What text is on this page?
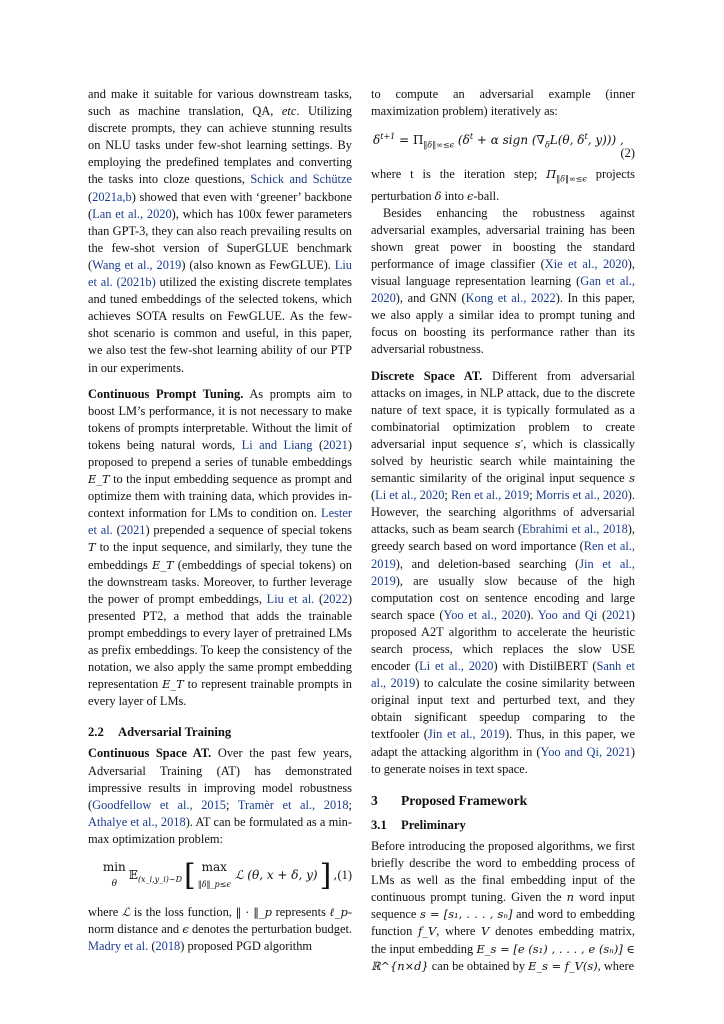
and make it suitable for various downstream tasks, such as machine translation, QA, etc. Utilizing discrete prompts, they can achieve stunning results on NLU tasks under few-shot learning settings. By employing the predefined templates and converting the tasks into cloze questions, Schick and Schütze (2021a,b) showed that even with ‘greener’ backbone (Lan et al., 2020), which has 100x fewer parameters than GPT-3, they can also reach prevailing results on the few-shot version of SuperGLUE benchmark (Wang et al., 2019) (also known as FewGLUE). Liu et al. (2021b) utilized the existing discrete templates and tuned embeddings of the selected tokens, which achieves SOTA results on FewGLUE. As the few-shot scenario is common and useful, in this paper, we also test the few-shot learning ability of our PTP in our experiments.

Continuous Prompt Tuning. As prompts aim to boost LM’s performance, it is not necessary to make tokens of prompts interpretable. Without the limit of tokens being natural words, Li and Liang (2021) proposed to prepend a series of tunable embeddings E_T to the input embedding sequence as prompt and optimize them with training data, which provides in-context information for LMs to condition on. Lester et al. (2021) prepended a sequence of special tokens T to the input sequence, and similarly, they tune the embeddings E_T (embeddings of special tokens) on the downstream tasks. Moreover, to further leverage the power of prompt embeddings, Liu et al. (2022) presented PT2, a method that adds the trainable prompt embeddings to every layer of pretrained LMs as prefix embeddings. To keep the consistency of the notation, we also apply the same prompt embedding representation E_T to represent trainable prompts in every layer of LMs.

2.2 Adversarial Training

Continuous Space AT. Over the past few years, Adversarial Training (AT) has demonstrated impressive results in improving model robustness (Goodfellow et al., 2015; Tramèr et al., 2018; Athalye et al., 2018). AT can be formulated as a min-max optimization problem:

min
θ
𝔼$_{(x\_i,y\_i)\sim D}$ [ max
‖δ‖_p≤ϵ
ℒ (θ, x + δ, y) ] , (1)

where ℒ is the loss function, ‖ · ‖_p represents ℓ_p-norm distance and ϵ denotes the perturbation budget. Madry et al. (2018) proposed PGD algorithm

to compute an adversarial example (inner maximization problem) iteratively as:

$\delta^{t+1} = \Pi_{‖\delta‖\infty\le\epsilon}$ ($\delta^t + \alpha$ sign ($\nabla_\delta L(\theta$, $\delta^t$, y))) ,
(2)

where t is the iteration step; $\Pi_{‖\delta‖\infty\le\epsilon}$ projects perturbation δ into ϵ-ball.

Besides enhancing the robustness against adversarial examples, adversarial training has been shown great power in boosting the standard performance of image classifier (Xie et al., 2020), visual language representation learning (Gan et al., 2020), and GNN (Kong et al., 2022). In this paper, we also apply a similar idea to prompt tuning and focus on boosting its performance rather than its adversarial robustness.

Discrete Space AT. Different from adversarial attacks on images, in NLP attack, due to the discrete nature of text space, it is typically formulated as a combinatorial optimization problem to create adversarial input sequence s′, which is classically solved by heuristic search while maintaining the semantic similarity of the original input sequence s (Li et al., 2020; Ren et al., 2019; Morris et al., 2020). However, the searching algorithms of adversarial attacks, such as beam search (Ebrahimi et al., 2018), greedy search based on word importance (Ren et al., 2019), and deletion-based searching (Jin et al., 2019), are usually slow because of the high computation cost on sentence encoding and large search space (Yoo et al., 2020). Yoo and Qi (2021) proposed A2T algorithm to accelerate the heuristic search process, which replaces the slow USE encoder (Li et al., 2020) with DistilBERT (Sanh et al., 2019) to calculate the cosine similarity between original input text and perturbed text, and they obtain significant speedup comparing to the textfooler (Jin et al., 2019). Thus, in this paper, we adapt the attacking algorithm in (Yoo and Qi, 2021) to generate noises in text space.

3 Proposed Framework
3.1 Preliminary

Before introducing the proposed algorithms, we first briefly describe the word to embedding process of LMs as well as the final embedding input of the continuous prompt tuning. Given the n word input sequence s = [s₁, . . . , sₙ] and word to embedding function f_V, where V denotes embedding matrix, the input embedding E_s = [e (s₁) , . . . , e (sₙ)] ∈ ℝ^{n×d} can be obtained by E_s = f_V(s), where
